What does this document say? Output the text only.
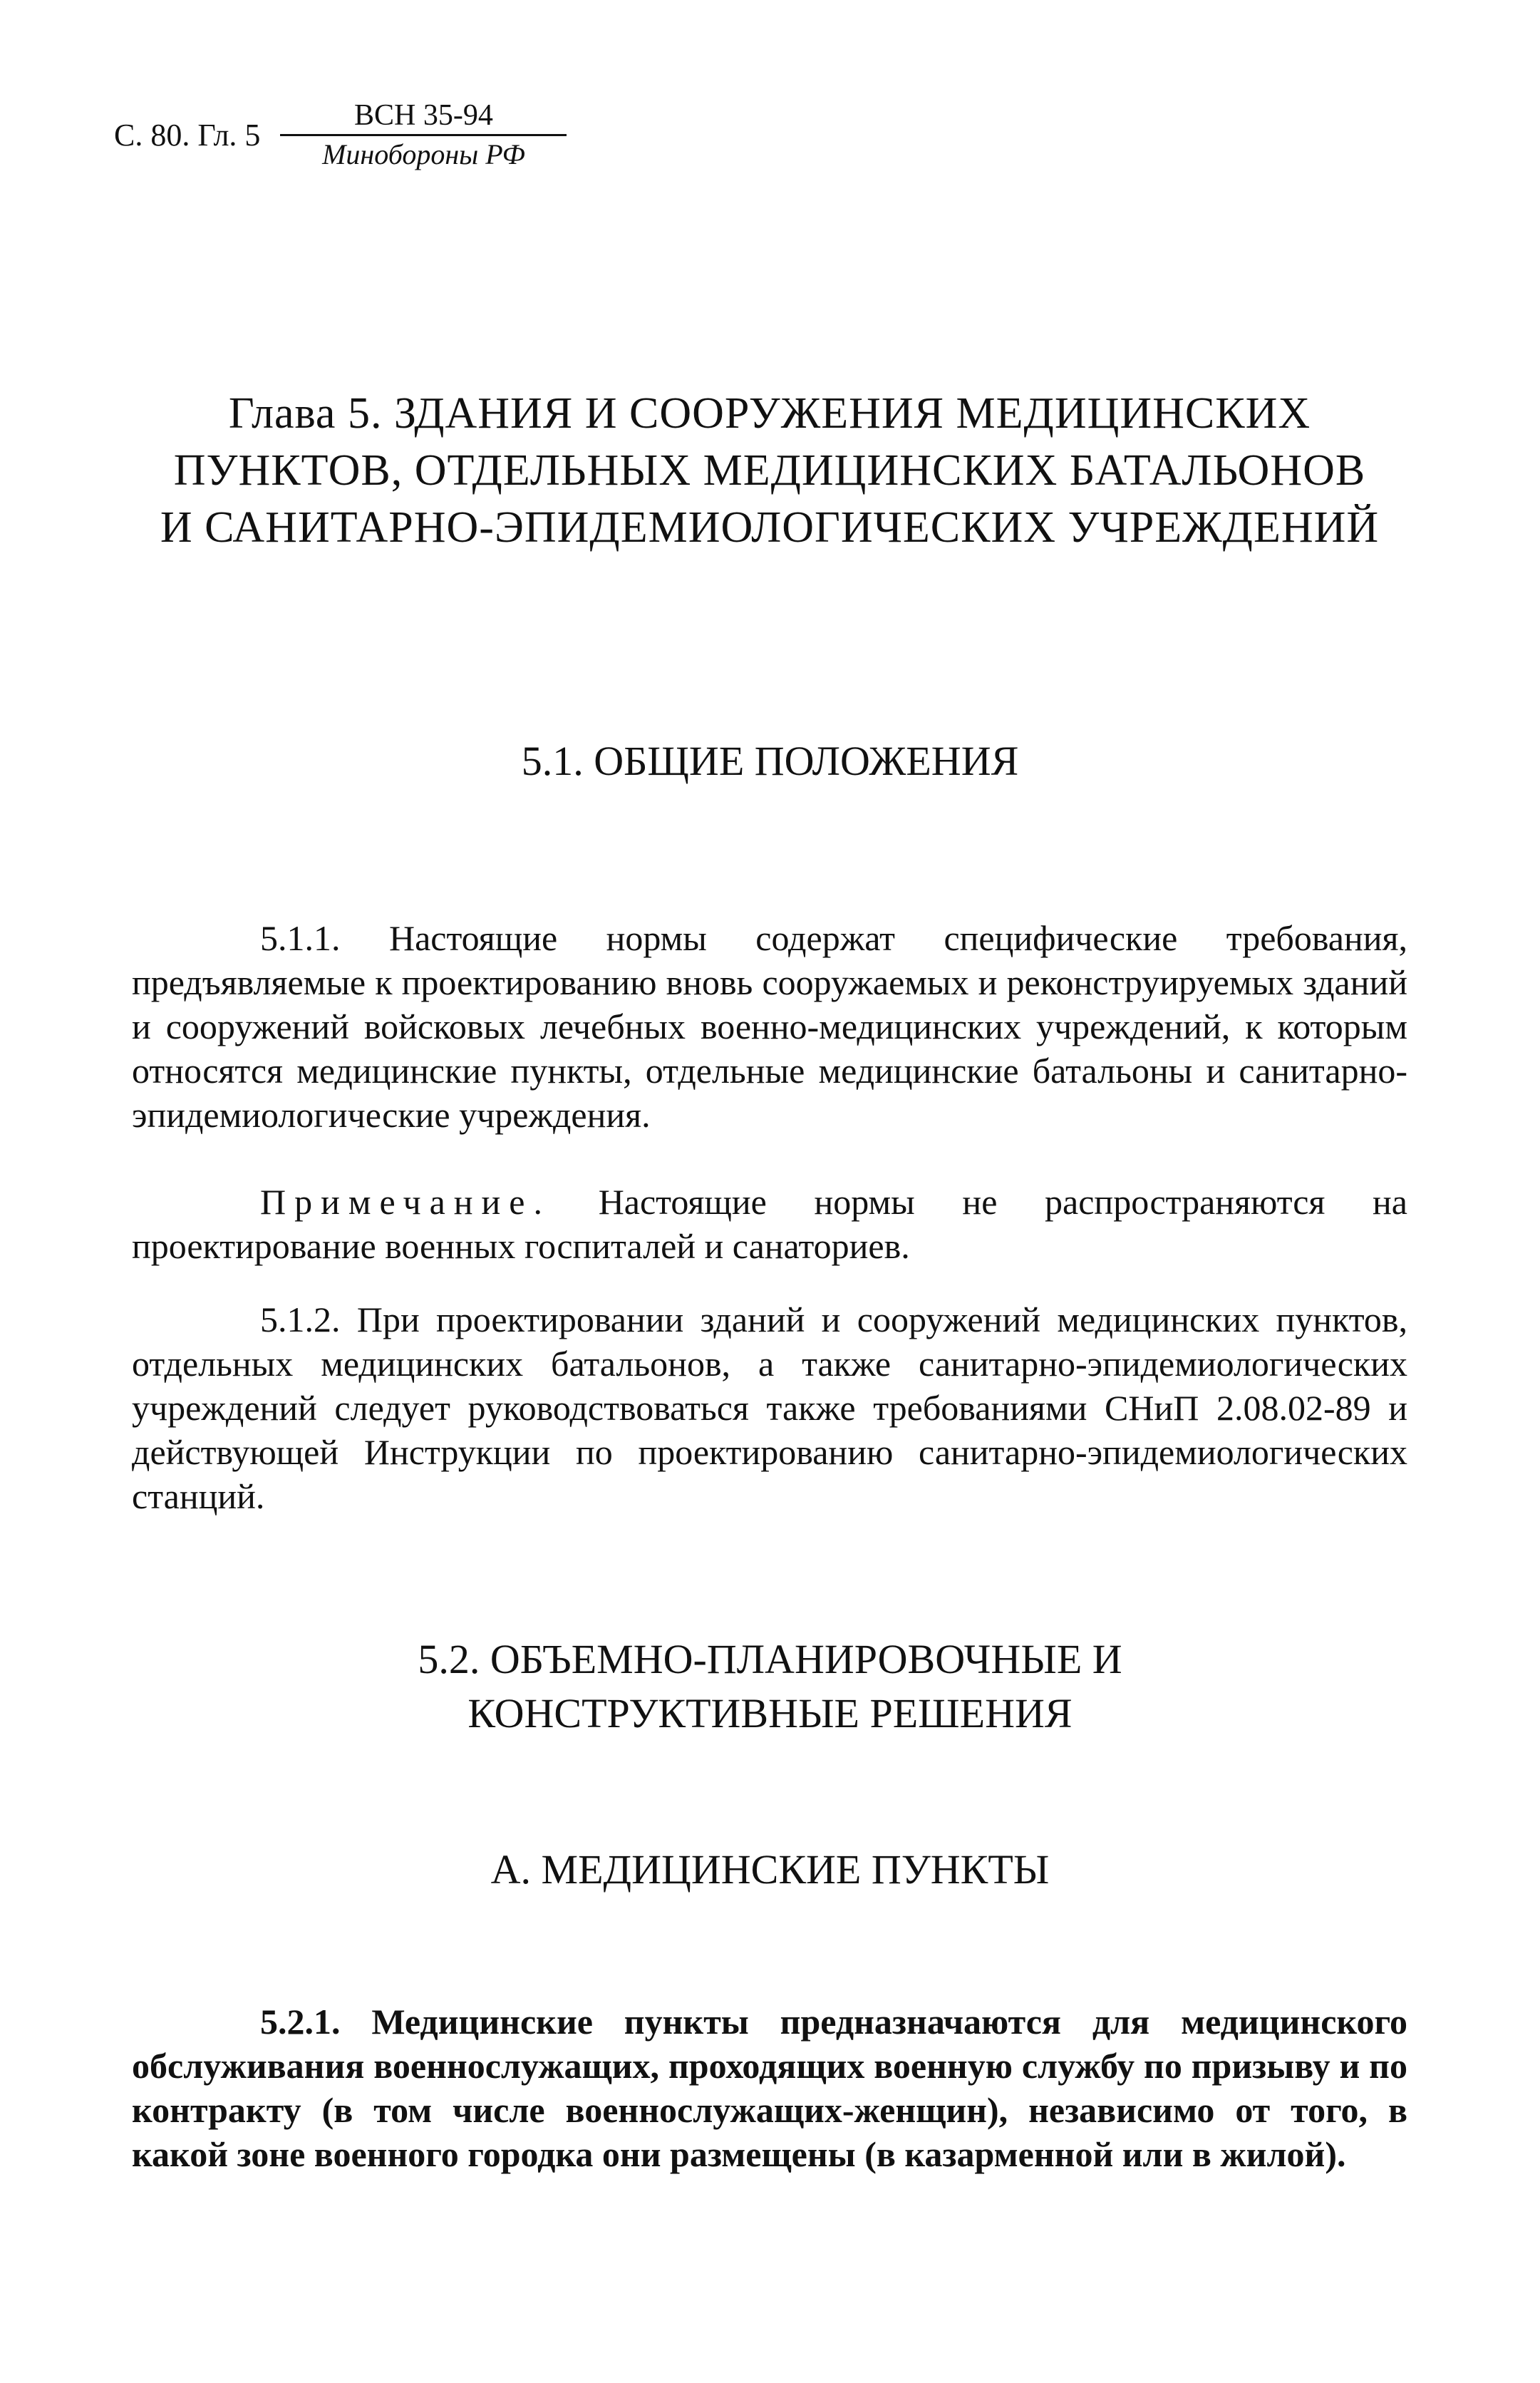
С. 80. Гл. $5 \frac{\text{ВСН 35-94}}{\text{Минобороны РФ}}$
Глава 5. ЗДАНИЯ И СООРУЖЕНИЯ МЕДИЦИНСКИХ
ПУНКТОВ, ОТДЕЛЬНЫХ МЕДИЦИНСКИХ БАТАЛЬОНОВ
И САНИТАРНО-ЭПИДЕМИОЛОГИЧЕСКИХ УЧРЕЖДЕНИЙ
5.1. ОБЩИЕ ПОЛОЖЕНИЯ
5.1.1. Настоящие нормы содержат специфические требования, предъявляемые к проектированию вновь сооружаемых и реконструируемых зданий и сооружений войсковых лечебных военно-медицинских учреждений, к которым относятся медицинские пункты, отдельные медицинские батальоны и санитарно-эпидемиологические учреждения.
Примечание. Настоящие нормы не распространяются на проектирование военных госпиталей и санаториев.
5.1.2. При проектировании зданий и сооружений медицинских пунктов, отдельных медицинских батальонов, а также санитарно-эпидемиологических учреждений следует руководствоваться также требованиями СНиП 2.08.02-89 и действующей Инструкции по проектированию санитарно-эпидемиологических станций.
5.2. ОБЪЕМНО-ПЛАНИРОВОЧНЫЕ И
КОНСТРУКТИВНЫЕ РЕШЕНИЯ
А. МЕДИЦИНСКИЕ ПУНКТЫ
5.2.1. Медицинские пункты предназначаются для медицинского обслуживания военнослужащих, проходящих военную службу по призыву и по контракту (в том числе военнослужащих-женщин), независимо от того, в какой зоне военного городка они размещены (в казарменной или в жилой).
